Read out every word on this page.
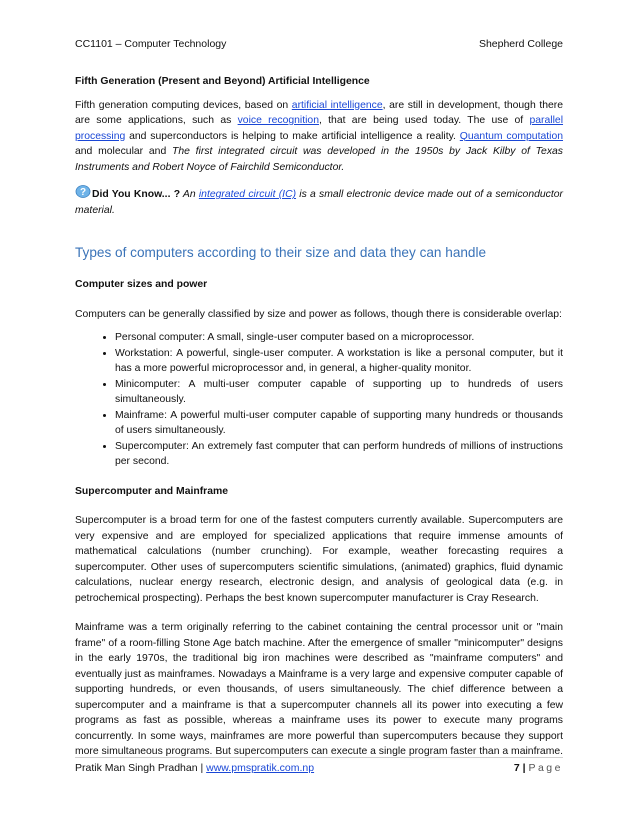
CC1101 – Computer Technology	Shepherd College
Fifth Generation (Present and Beyond) Artificial Intelligence

Fifth generation computing devices, based on artificial intelligence, are still in development, though there are some applications, such as voice recognition, that are being used today. The use of parallel processing and superconductors is helping to make artificial intelligence a reality. Quantum computation and molecular and The first integrated circuit was developed in the 1950s by Jack Kilby of Texas Instruments and Robert Noyce of Fairchild Semiconductor.

? Did You Know... ? An integrated circuit (IC) is a small electronic device made out of a semiconductor material.

Types of computers according to their size and data they can handle
Computer sizes and power

Computers can be generally classified by size and power as follows, though there is considerable overlap:

• Personal computer: A small, single-user computer based on a microprocessor.
• Workstation: A powerful, single-user computer. A workstation is like a personal computer, but it has a more powerful microprocessor and, in general, a higher-quality monitor.
• Minicomputer: A multi-user computer capable of supporting up to hundreds of users simultaneously.
• Mainframe: A powerful multi-user computer capable of supporting many hundreds or thousands of users simultaneously.
• Supercomputer: An extremely fast computer that can perform hundreds of millions of instructions per second.
Supercomputer and Mainframe

Supercomputer is a broad term for one of the fastest computers currently available. Supercomputers are very expensive and are employed for specialized applications that require immense amounts of mathematical calculations (number crunching). For example, weather forecasting requires a supercomputer. Other uses of supercomputers scientific simulations, (animated) graphics, fluid dynamic calculations, nuclear energy research, electronic design, and analysis of geological data (e.g. in petrochemical prospecting). Perhaps the best known supercomputer manufacturer is Cray Research.

Mainframe was a term originally referring to the cabinet containing the central processor unit or "main frame" of a room-filling Stone Age batch machine. After the emergence of smaller "minicomputer" designs in the early 1970s, the traditional big iron machines were described as "mainframe computers" and eventually just as mainframes. Nowadays a Mainframe is a very large and expensive computer capable of supporting hundreds, or even thousands, of users simultaneously. The chief difference between a supercomputer and a mainframe is that a supercomputer channels all its power into executing a few programs as fast as possible, whereas a mainframe uses its power to execute many programs concurrently. In some ways, mainframes are more powerful than supercomputers because they support more simultaneous programs. But supercomputers can execute a single program faster than a mainframe.

Pratik Man Singh Pradhan | www.pmspratik.com.np	7 | Page
